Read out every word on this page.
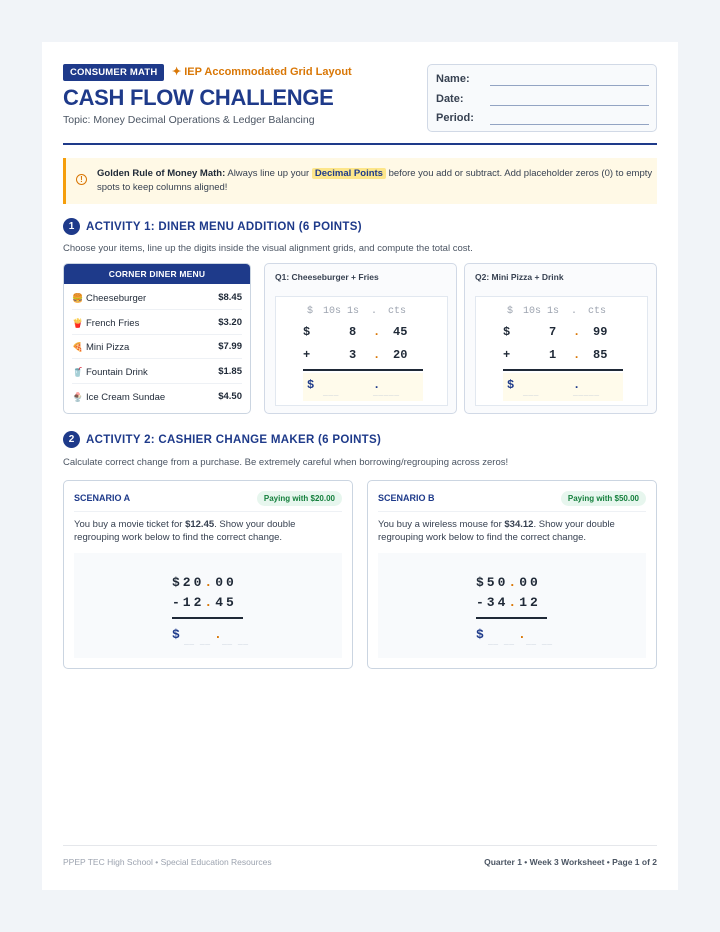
CONSUMER MATH	✦ IEP Accommodated Grid Layout
CASH FLOW CHALLENGE
Topic: Money Decimal Operations & Ledger Balancing
Name:
Date:
Period:
!
Golden Rule of Money Math: Always line up your Decimal Points before you add or subtract. Add placeholder zeros (0) to empty spots to keep columns aligned!
1	ACTIVITY 1: DINER MENU ADDITION (6 POINTS)
Choose your items, line up the digits inside the visual alignment grids, and compute the total cost.
CORNER DINER MENU
🍔 Cheeseburger	$8.45
🍟 French Fries	$3.20
🍕 Mini Pizza	$7.99
🥤 Fountain Drink	$1.85
🍨 Ice Cream Sundae	$4.50
Q1: Cheeseburger + Fries
$ 10s 1s . cts
$	8 . 45
+	3 . 20
$	.
___	_____
Q2: Mini Pizza + Drink
$ 10s 1s . cts
$	7 . 99
+	1 . 85
$	.
___	_____
2	ACTIVITY 2: CASHIER CHANGE MAKER (6 POINTS)
Calculate correct change from a purchase. Be extremely careful when borrowing/regrouping across zeros!
SCENARIO A	Paying with $20.00
You buy a movie ticket for $12.45. Show your double regrouping work below to find the correct change.
$20.00
-12.45
$	.
__ __ __ __
SCENARIO B	Paying with $50.00
You buy a wireless mouse for $34.12. Show your double regrouping work below to find the correct change.
$50.00
-34.12
$	.
__ __ __ __
PPEP TEC High School • Special Education Resources	Quarter 1 • Week 3 Worksheet • Page 1 of 2
